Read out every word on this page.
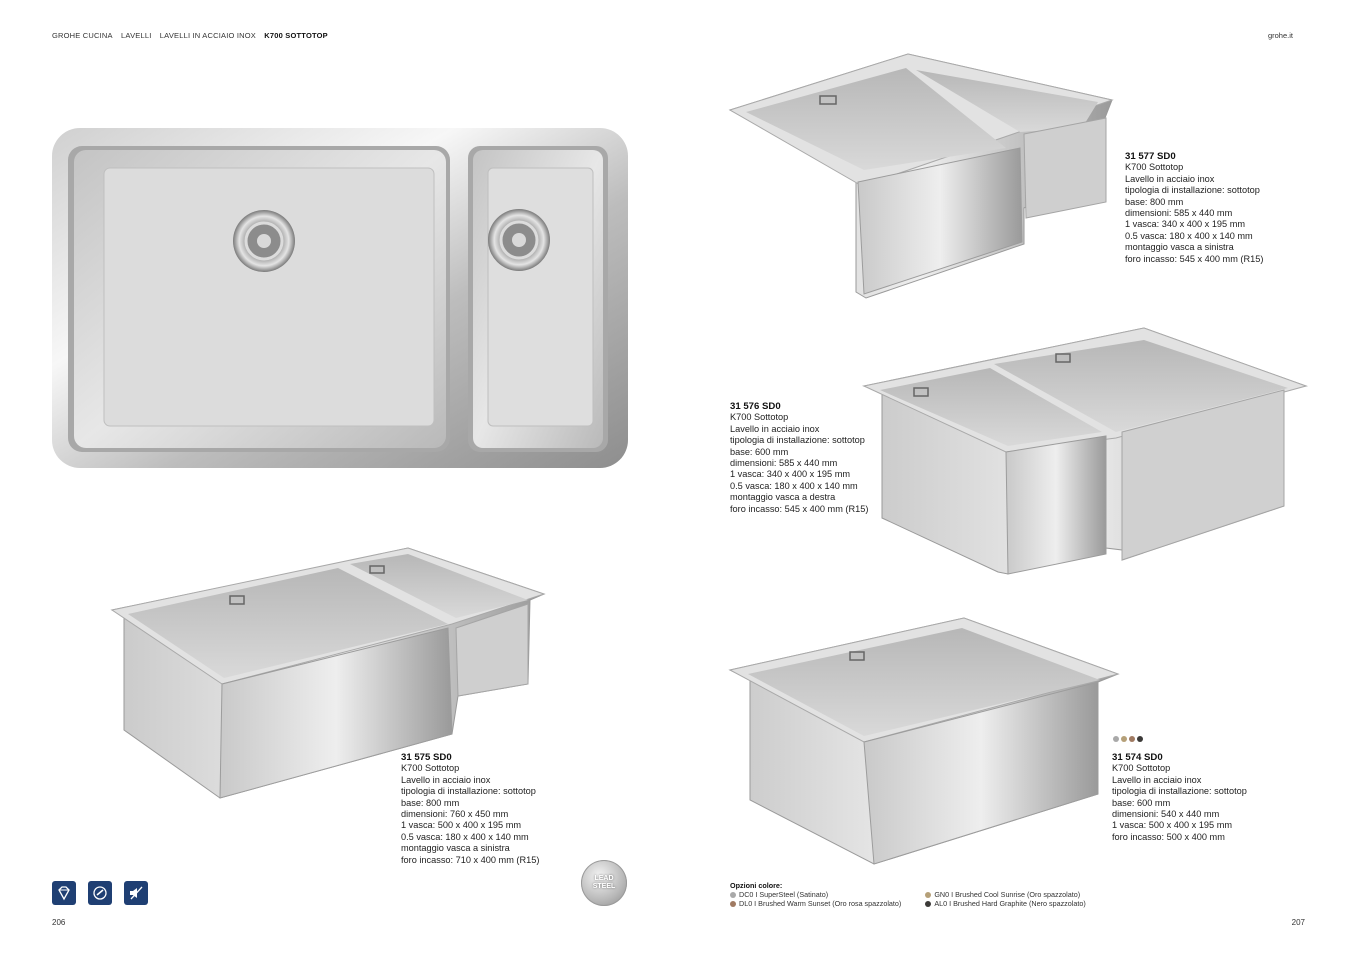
GROHE CUCINA LAVELLI LAVELLI IN ACCIAIO INOX K700 SOTTOTOP	grohe.it
31 577 SD0
K700 Sottotop
Lavello in acciaio inox
tipologia di installazione: sottotop
base: 800 mm
dimensioni: 585 x 440 mm
1 vasca: 340 x 400 x 195 mm
0.5 vasca: 180 x 400 x 140 mm
montaggio vasca a sinistra
foro incasso: 545 x 400 mm (R15)
31 576 SD0
K700 Sottotop
Lavello in acciaio inox
tipologia di installazione: sottotop
base: 600 mm
dimensioni: 585 x 440 mm
1 vasca: 340 x 400 x 195 mm
0.5 vasca: 180 x 400 x 140 mm
montaggio vasca a destra
foro incasso: 545 x 400 mm (R15)
31 575 SD0
K700 Sottotop
Lavello in acciaio inox
tipologia di installazione: sottotop
base: 800 mm
dimensioni: 760 x 450 mm
1 vasca: 500 x 400 x 195 mm
0.5 vasca: 180 x 400 x 140 mm
montaggio vasca a sinistra
foro incasso: 710 x 400 mm (R15)
31 574 SD0
K700 Sottotop
Lavello in acciaio inox
tipologia di installazione: sottotop
base: 600 mm
dimensioni: 540 x 440 mm
1 vasca: 500 x 400 x 195 mm
foro incasso: 500 x 400 mm
LEAD
STEEL	Opzioni colore:
DC0 I SuperSteel (Satinato)
DL0 I Brushed Warm Sunset (Oro rosa spazzolato)
GN0 I Brushed Cool Sunrise (Oro spazzolato)
AL0 I Brushed Hard Graphite (Nero spazzolato)
206	207
